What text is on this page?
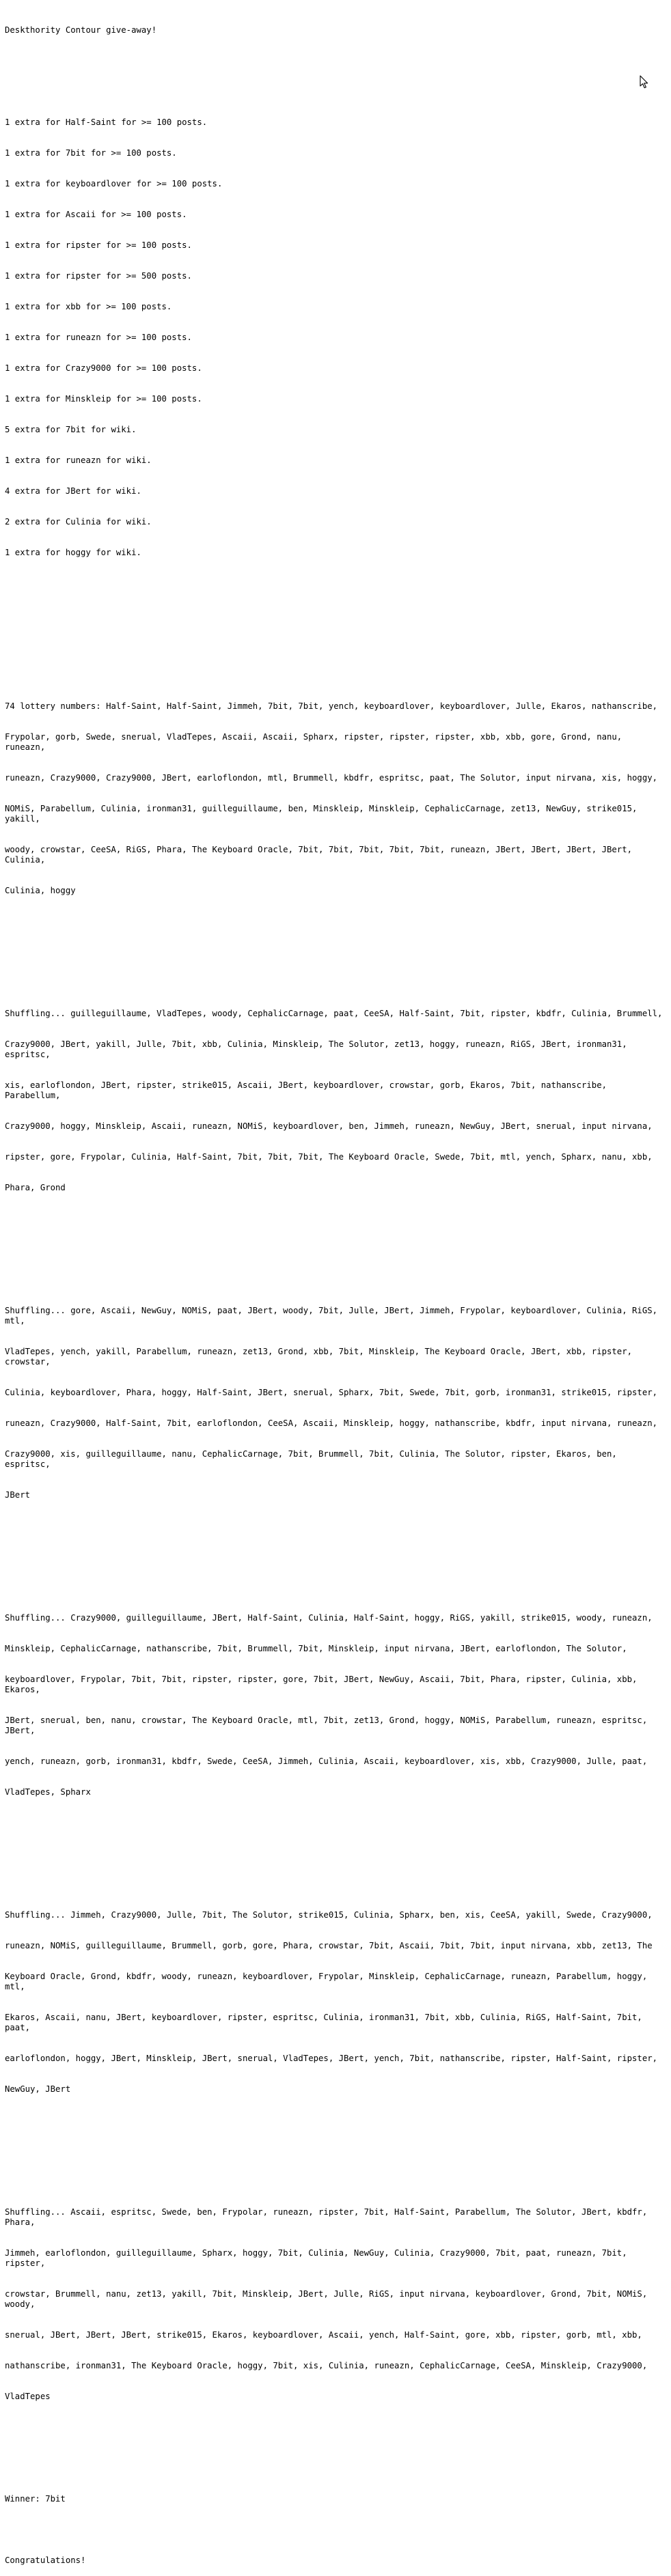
Deskthority Contour give-away!

1 extra for Half-Saint for >= 100 posts.

1 extra for 7bit for >= 100 posts.

1 extra for keyboardlover for >= 100 posts.

1 extra for Ascaii for >= 100 posts.

1 extra for ripster for >= 100 posts.

1 extra for ripster for >= 500 posts.

1 extra for xbb for >= 100 posts.

1 extra for runeazn for >= 100 posts.

1 extra for Crazy9000 for >= 100 posts.

1 extra for Minskleip for >= 100 posts.

5 extra for 7bit for wiki.

1 extra for runeazn for wiki.

4 extra for JBert for wiki.

2 extra for Culinia for wiki.

1 extra for hoggy for wiki.

74 lottery numbers: Half-Saint, Half-Saint, Jimmeh, 7bit, 7bit, yench, keyboardlover, keyboardlover, Julle, Ekaros, nathanscribe,

Frypolar, gorb, Swede, snerual, VladTepes, Ascaii, Ascaii, Spharx, ripster, ripster, ripster, xbb, xbb, gore, Grond, nanu, runeazn,

runeazn, Crazy9000, Crazy9000, JBert, earloflondon, mtl, Brummell, kbdfr, espritsc, paat, The Solutor, input nirvana, xis, hoggy,

NOMiS, Parabellum, Culinia, ironman31, guilleguillaume, ben, Minskleip, Minskleip, CephalicCarnage, zet13, NewGuy, strike015, yakill,

woody, crowstar, CeeSA, RiGS, Phara, The Keyboard Oracle, 7bit, 7bit, 7bit, 7bit, 7bit, runeazn, JBert, JBert, JBert, JBert, Culinia,

Culinia, hoggy

Shuffling... guilleguillaume, VladTepes, woody, CephalicCarnage, paat, CeeSA, Half-Saint, 7bit, ripster, kbdfr, Culinia, Brummell,

Crazy9000, JBert, yakill, Julle, 7bit, xbb, Culinia, Minskleip, The Solutor, zet13, hoggy, runeazn, RiGS, JBert, ironman31, espritsc,

xis, earloflondon, JBert, ripster, strike015, Ascaii, JBert, keyboardlover, crowstar, gorb, Ekaros, 7bit, nathanscribe, Parabellum,

Crazy9000, hoggy, Minskleip, Ascaii, runeazn, NOMiS, keyboardlover, ben, Jimmeh, runeazn, NewGuy, JBert, snerual, input nirvana,

ripster, gore, Frypolar, Culinia, Half-Saint, 7bit, 7bit, 7bit, The Keyboard Oracle, Swede, 7bit, mtl, yench, Spharx, nanu, xbb,

Phara, Grond

Shuffling... gore, Ascaii, NewGuy, NOMiS, paat, JBert, woody, 7bit, Julle, JBert, Jimmeh, Frypolar, keyboardlover, Culinia, RiGS, mtl,

VladTepes, yench, yakill, Parabellum, runeazn, zet13, Grond, xbb, 7bit, Minskleip, The Keyboard Oracle, JBert, xbb, ripster, crowstar,

Culinia, keyboardlover, Phara, hoggy, Half-Saint, JBert, snerual, Spharx, 7bit, Swede, 7bit, gorb, ironman31, strike015, ripster,

runeazn, Crazy9000, Half-Saint, 7bit, earloflondon, CeeSA, Ascaii, Minskleip, hoggy, nathanscribe, kbdfr, input nirvana, runeazn,

Crazy9000, xis, guilleguillaume, nanu, CephalicCarnage, 7bit, Brummell, 7bit, Culinia, The Solutor, ripster, Ekaros, ben, espritsc,

JBert

Shuffling... Crazy9000, guilleguillaume, JBert, Half-Saint, Culinia, Half-Saint, hoggy, RiGS, yakill, strike015, woody, runeazn,

Minskleip, CephalicCarnage, nathanscribe, 7bit, Brummell, 7bit, Minskleip, input nirvana, JBert, earloflondon, The Solutor,

keyboardlover, Frypolar, 7bit, 7bit, ripster, ripster, gore, 7bit, JBert, NewGuy, Ascaii, 7bit, Phara, ripster, Culinia, xbb, Ekaros,

JBert, snerual, ben, nanu, crowstar, The Keyboard Oracle, mtl, 7bit, zet13, Grond, hoggy, NOMiS, Parabellum, runeazn, espritsc, JBert,

yench, runeazn, gorb, ironman31, kbdfr, Swede, CeeSA, Jimmeh, Culinia, Ascaii, keyboardlover, xis, xbb, Crazy9000, Julle, paat,

VladTepes, Spharx

Shuffling... Jimmeh, Crazy9000, Julle, 7bit, The Solutor, strike015, Culinia, Spharx, ben, xis, CeeSA, yakill, Swede, Crazy9000,

runeazn, NOMiS, guilleguillaume, Brummell, gorb, gore, Phara, crowstar, 7bit, Ascaii, 7bit, 7bit, input nirvana, xbb, zet13, The

Keyboard Oracle, Grond, kbdfr, woody, runeazn, keyboardlover, Frypolar, Minskleip, CephalicCarnage, runeazn, Parabellum, hoggy, mtl,

Ekaros, Ascaii, nanu, JBert, keyboardlover, ripster, espritsc, Culinia, ironman31, 7bit, xbb, Culinia, RiGS, Half-Saint, 7bit, paat,

earloflondon, hoggy, JBert, Minskleip, JBert, snerual, VladTepes, JBert, yench, 7bit, nathanscribe, ripster, Half-Saint, ripster,

NewGuy, JBert

Shuffling... Ascaii, espritsc, Swede, ben, Frypolar, runeazn, ripster, 7bit, Half-Saint, Parabellum, The Solutor, JBert, kbdfr, Phara,

Jimmeh, earloflondon, guilleguillaume, Spharx, hoggy, 7bit, Culinia, NewGuy, Culinia, Crazy9000, 7bit, paat, runeazn, 7bit, ripster,

crowstar, Brummell, nanu, zet13, yakill, 7bit, Minskleip, JBert, Julle, RiGS, input nirvana, keyboardlover, Grond, 7bit, NOMiS, woody,

snerual, JBert, JBert, JBert, strike015, Ekaros, keyboardlover, Ascaii, yench, Half-Saint, gore, xbb, ripster, gorb, mtl, xbb,

nathanscribe, ironman31, The Keyboard Oracle, hoggy, 7bit, xis, Culinia, runeazn, CephalicCarnage, CeeSA, Minskleip, Crazy9000,

VladTepes

Winner: 7bit

Congratulations!
